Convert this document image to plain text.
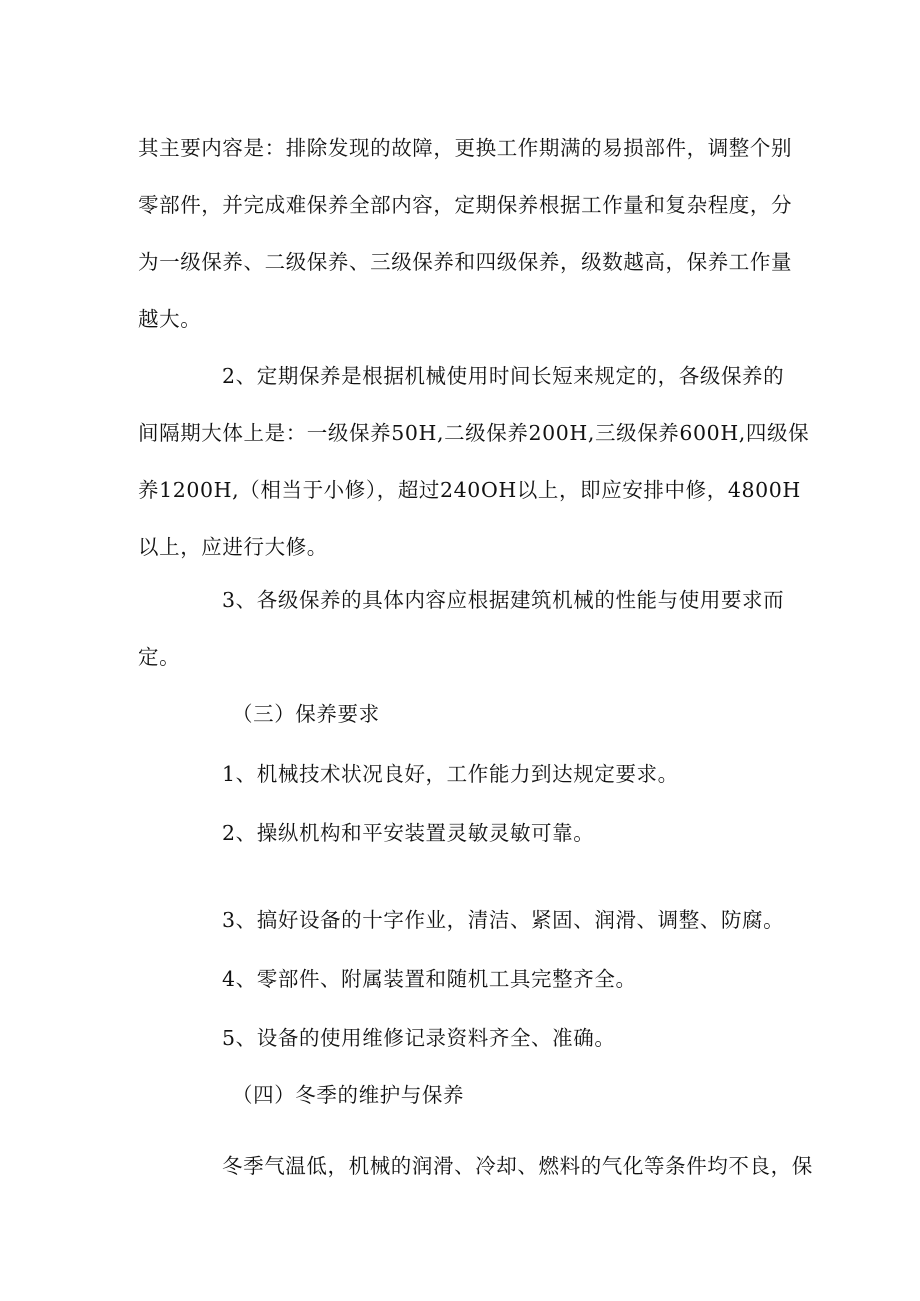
其主要内容是：排除发现的故障，更换工作期满的易损部件，调整个别
零部件，并完成难保养全部内容，定期保养根据工作量和复杂程度，分
为一级保养、二级保养、三级保养和四级保养，级数越高，保养工作量
越大。
2、定期保养是根据机械使用时间长短来规定的，各级保养的
间隔期大体上是：一级保养50H,二级保养200H,三级保养600H,四级保
养1200H,（相当于小修），超过240OH以上，即应安排中修，4800H
以上，应进行大修。
3、各级保养的具体内容应根据建筑机械的性能与使用要求而
定。
（三）保养要求
1、机械技术状况良好，工作能力到达规定要求。
2、操纵机构和平安装置灵敏灵敏可靠。
3、搞好设备的十字作业，清洁、紧固、润滑、调整、防腐。
4、零部件、附属装置和随机工具完整齐全。
5、设备的使用维修记录资料齐全、准确。
（四）冬季的维护与保养
冬季气温低，机械的润滑、冷却、燃料的气化等条件均不良，保
